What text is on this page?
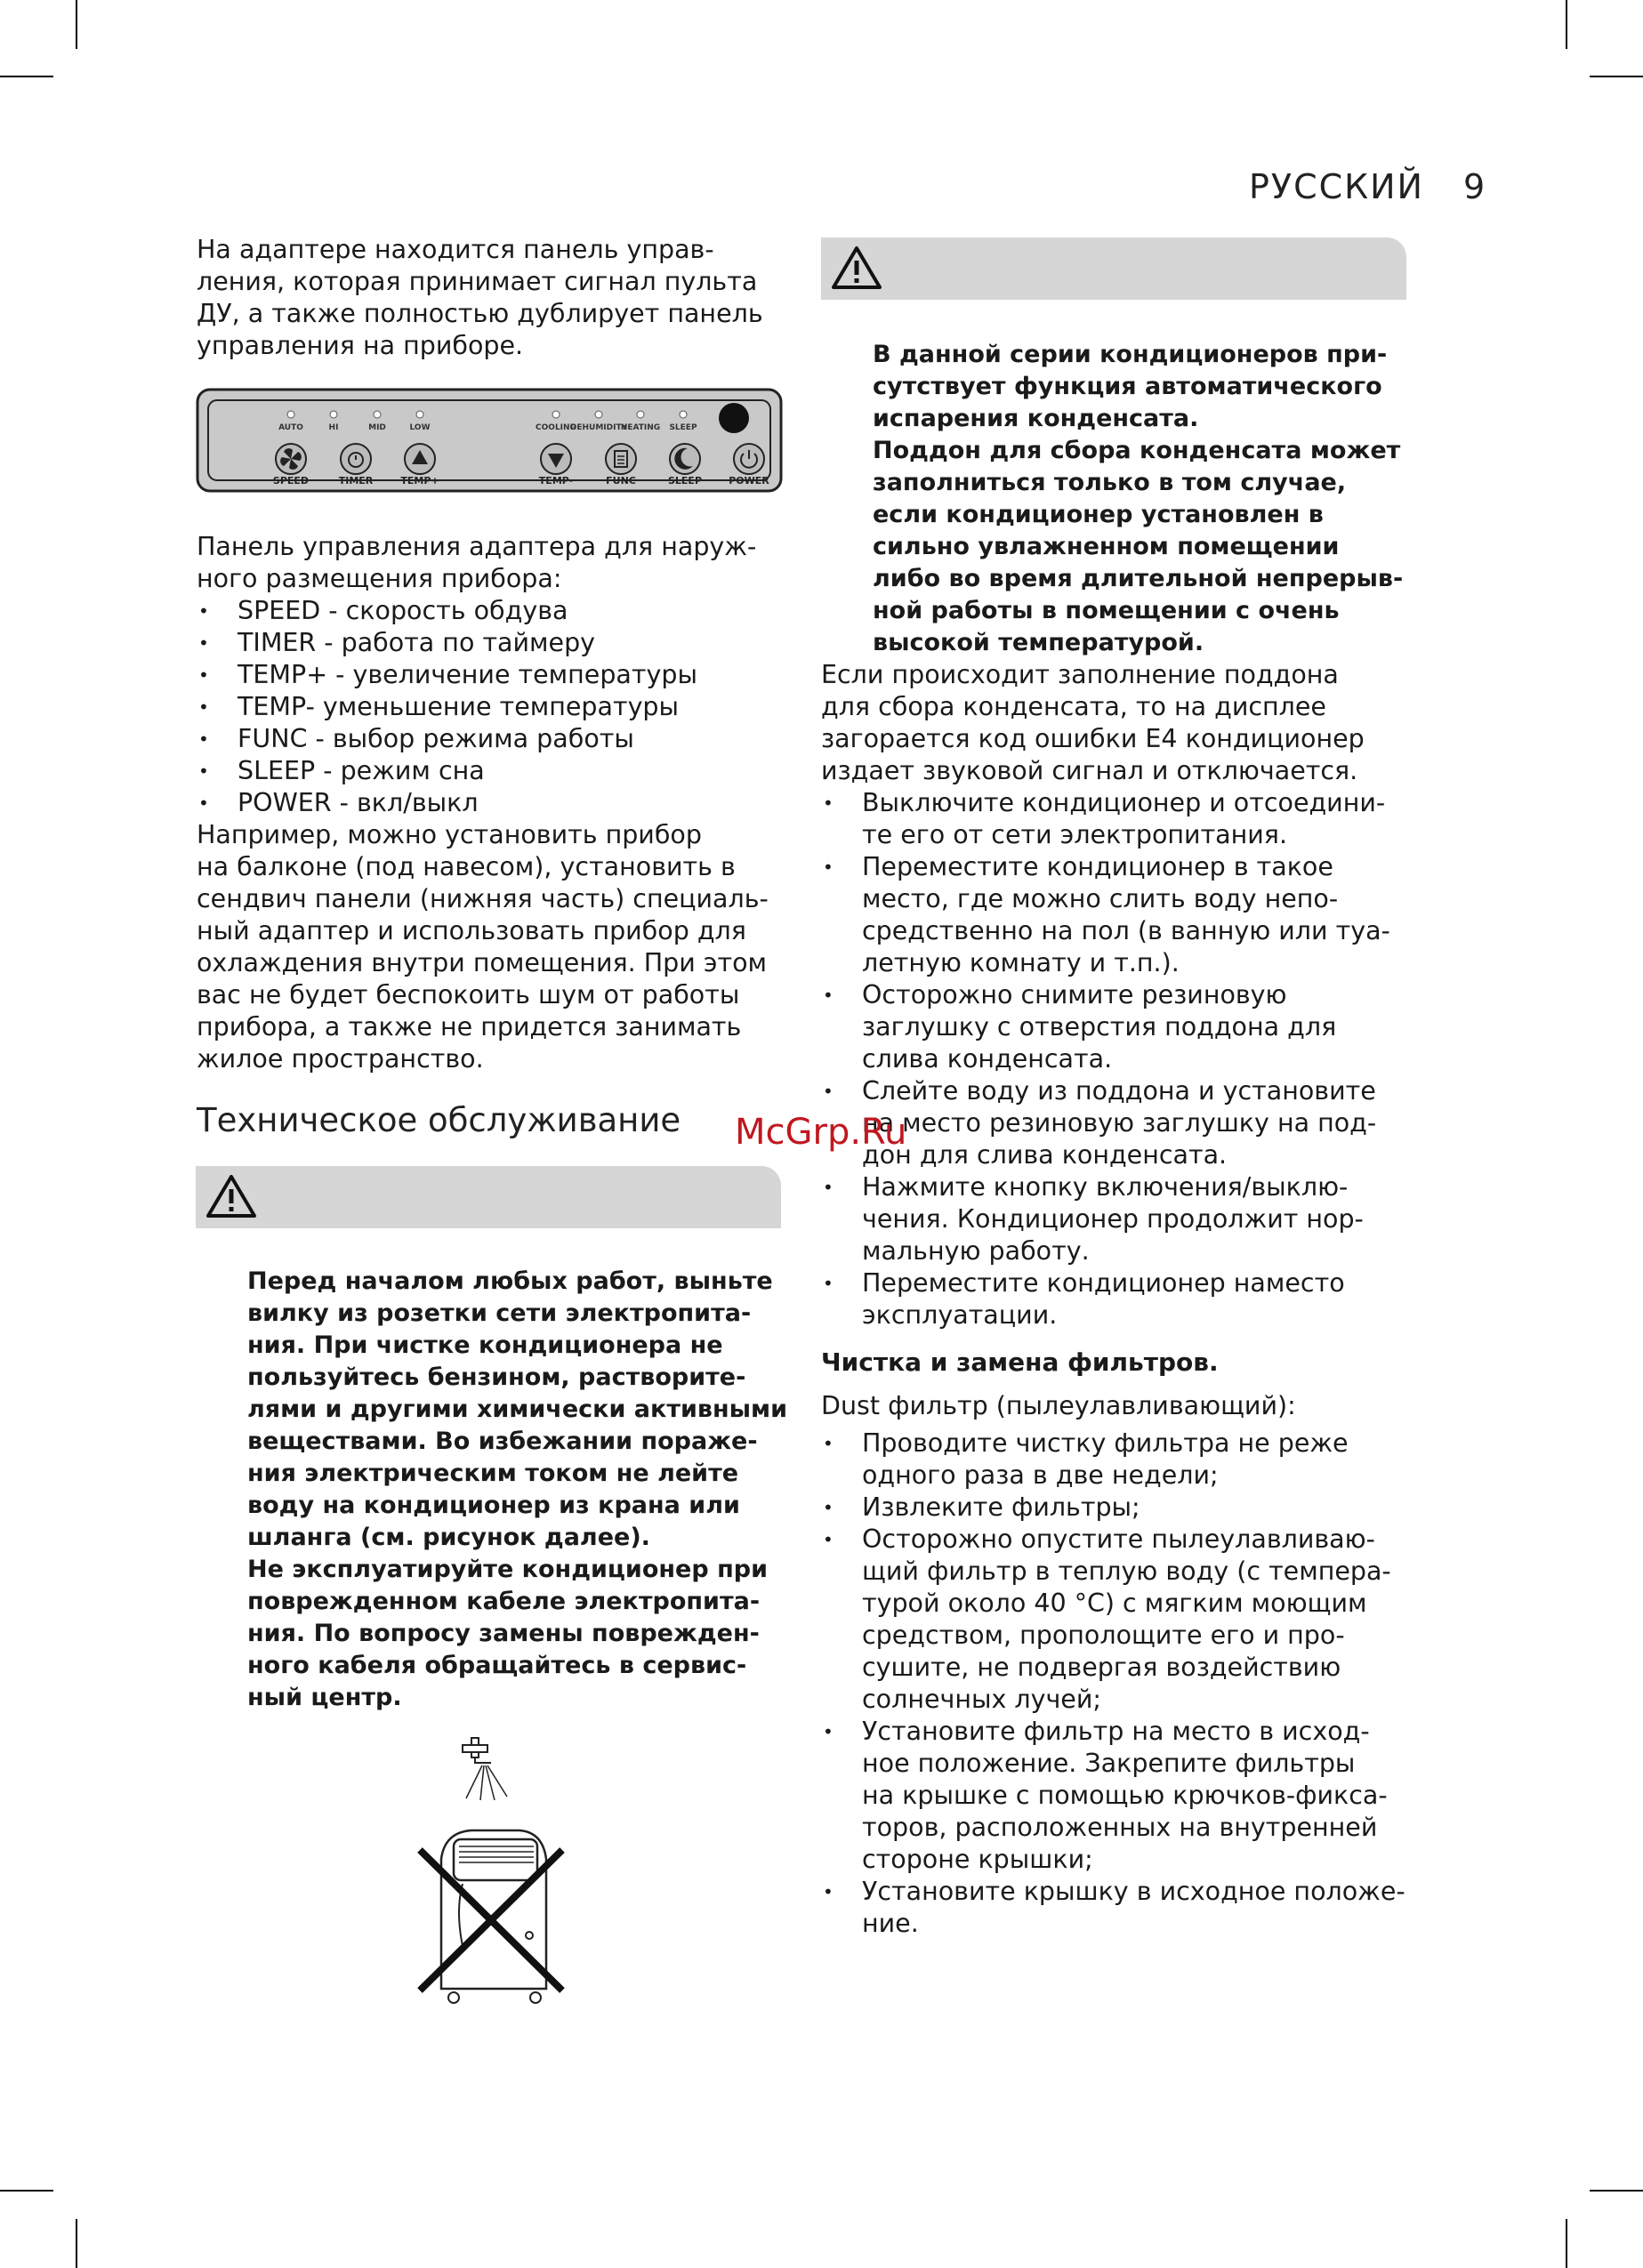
РУССКИЙ 9

На адаптере находится панель управ-
ления, которая принимает сигнал пульта
ДУ, а также полностью дублирует панель
управления на приборе.

AUTO	HI	MID	LOW	COOLING
DEHUMIDITY
HEATING SLEEP
SPEED	TIMER	TEMP+	TEMP-	FUNC	SLEEP	POWER

Панель управления адаптера для наруж-
ного размещения прибора:

• SPEED - скорость обдува
• TIMER - работа по таймеру
• TEMP+ - увеличение температуры
• TEMP- уменьшение температуры
• FUNC - выбор режима работы
• SLEEP - режим сна
• POWER - вкл/выкл

Например, можно установить прибор
на балконе (под навесом), установить в
сендвич панели (нижняя часть) специаль-
ный адаптер и использовать прибор для
охлаждения внутри помещения. При этом
вас не будет беспокоить шум от работы
прибора, а также не придется занимать
жилое пространство.

Техническое обслуживание

Перед началом любых работ, выньте
вилку из розетки сети электропита-
ния. При чистке кондиционера не
пользуйтесь бензином, растворите-
лями и другими химически активными
веществами. Во избежании пораже-
ния электрическим током не лейте
воду на кондиционер из крана или
шланга (см. рисунок далее).
Не эксплуатируйте кондиционер при
поврежденном кабеле электропита-
ния. По вопросу замены поврежден-
ного кабеля обращайтесь в сервис-
ный центр.

В данной серии кондиционеров при-
сутствует функция автоматического
испарения конденсата.
Поддон для сбора конденсата может
заполниться только в том случае,
если кондиционер установлен в
сильно увлажненном помещении
либо во время длительной непрерыв-
ной работы в помещении с очень
высокой температурой.

Если происходит заполнение поддона
для сбора конденсата, то на дисплее
загорается код ошибки E4 кондиционер
издает звуковой сигнал и отключается.

• Выключите кондиционер и отсоедини-
те его от сети электропитания.
• Переместите кондиционер в такое
место, где можно слить воду непо-
средственно на пол (в ванную или туа-
летную комнату и т.п.).
• Осторожно снимите резиновую
заглушку с отверстия поддона для
слива конденсата.
• Слейте воду из поддона и установите
на место резиновую заглушку на под-
дон для слива конденсата.
• Нажмите кнопку включения/выклю-
чения. Кондиционер продолжит нор-
мальную работу.
• Переместите кондиционер наместо
эксплуатации.
Чистка и замена фильтров.
Dust фильтр (пылеулавливающий):
• Проводите чистку фильтра не реже
одного раза в две недели;
• Извлеките фильтры;
• Осторожно опустите пылеулавливаю-
щий фильтр в теплую воду (с темпера-
турой около 40 °C) с мягким моющим
средством, прополощите его и про-
сушите, не подвергая воздействию
солнечных лучей;
• Установите фильтр на место в исход-
ное положение. Закрепите фильтры
на крышке с помощью крючков-фикса-
торов, расположенных на внутренней
стороне крышки;
• Установите крышку в исходное положе-
ние.
McGrp.Ru
